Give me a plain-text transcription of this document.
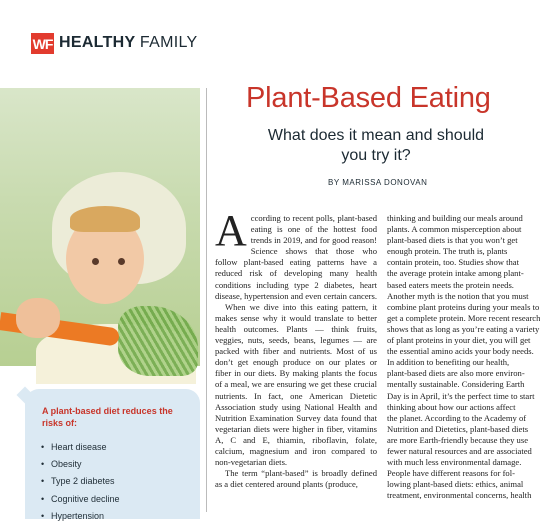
WF HEALTHY FAMILY
A plant-based diet reduces the risks of:
• Heart disease
• Obesity
• Type 2 diabetes
• Cognitive decline
• Hypertension
Plant-Based Eating
What does it mean and should you try it?
BY MARISSA DONOVAN

According to recent polls, plant-based eating is one of the hottest food trends in 2019, and for good reason! Science shows that those who follow plant-based eating patterns have a reduced risk of developing many health conditions including type 2 diabetes, heart disease, hypertension and even certain cancers.

When we dive into this eating pattern, it makes sense why it would translate to better health outcomes. Plants — think fruits, veggies, nuts, seeds, beans, legumes — are packed with fiber and nutrients. Most of us don’t get enough produce on our plates or fiber in our diets. By making plants the focus of a meal, we are ensuring we get these crucial nutrients. In fact, one American Dietetic Association study using National Health and Nutrition Examination Survey data found that vegetarian diets were higher in fiber, vitamins A, C and E, thiamin, riboflavin, folate, calcium, magnesium and iron compared to non-vegetarian diets.

The term “plant-based” is broadly defined as a diet centered around plants (produce,

thinking and building our meals around
plants. A common misperception about
plant-based diets is that you won’t get
enough protein. The truth is, plants
contain protein, too. Studies show that
the average protein intake among plant-
based eaters meets the protein needs.
Another myth is the notion that you must
combine plant proteins during your meals to
get a complete protein. More recent research
shows that as long as you’re eating a variety
of plant proteins in your diet, you will get
the essential amino acids your body needs.
In addition to benefiting our health,
plant-based diets are also more environ-
mentally sustainable. Considering Earth
Day is in April, it’s the perfect time to start
thinking about how our actions affect
the planet. According to the Academy of
Nutrition and Dietetics, plant-based diets
are more Earth-friendly because they use
fewer natural resources and are associated
with much less environmental damage.
People have different reasons for fol-
lowing plant-based diets: ethics, animal
treatment, environmental concerns, health
